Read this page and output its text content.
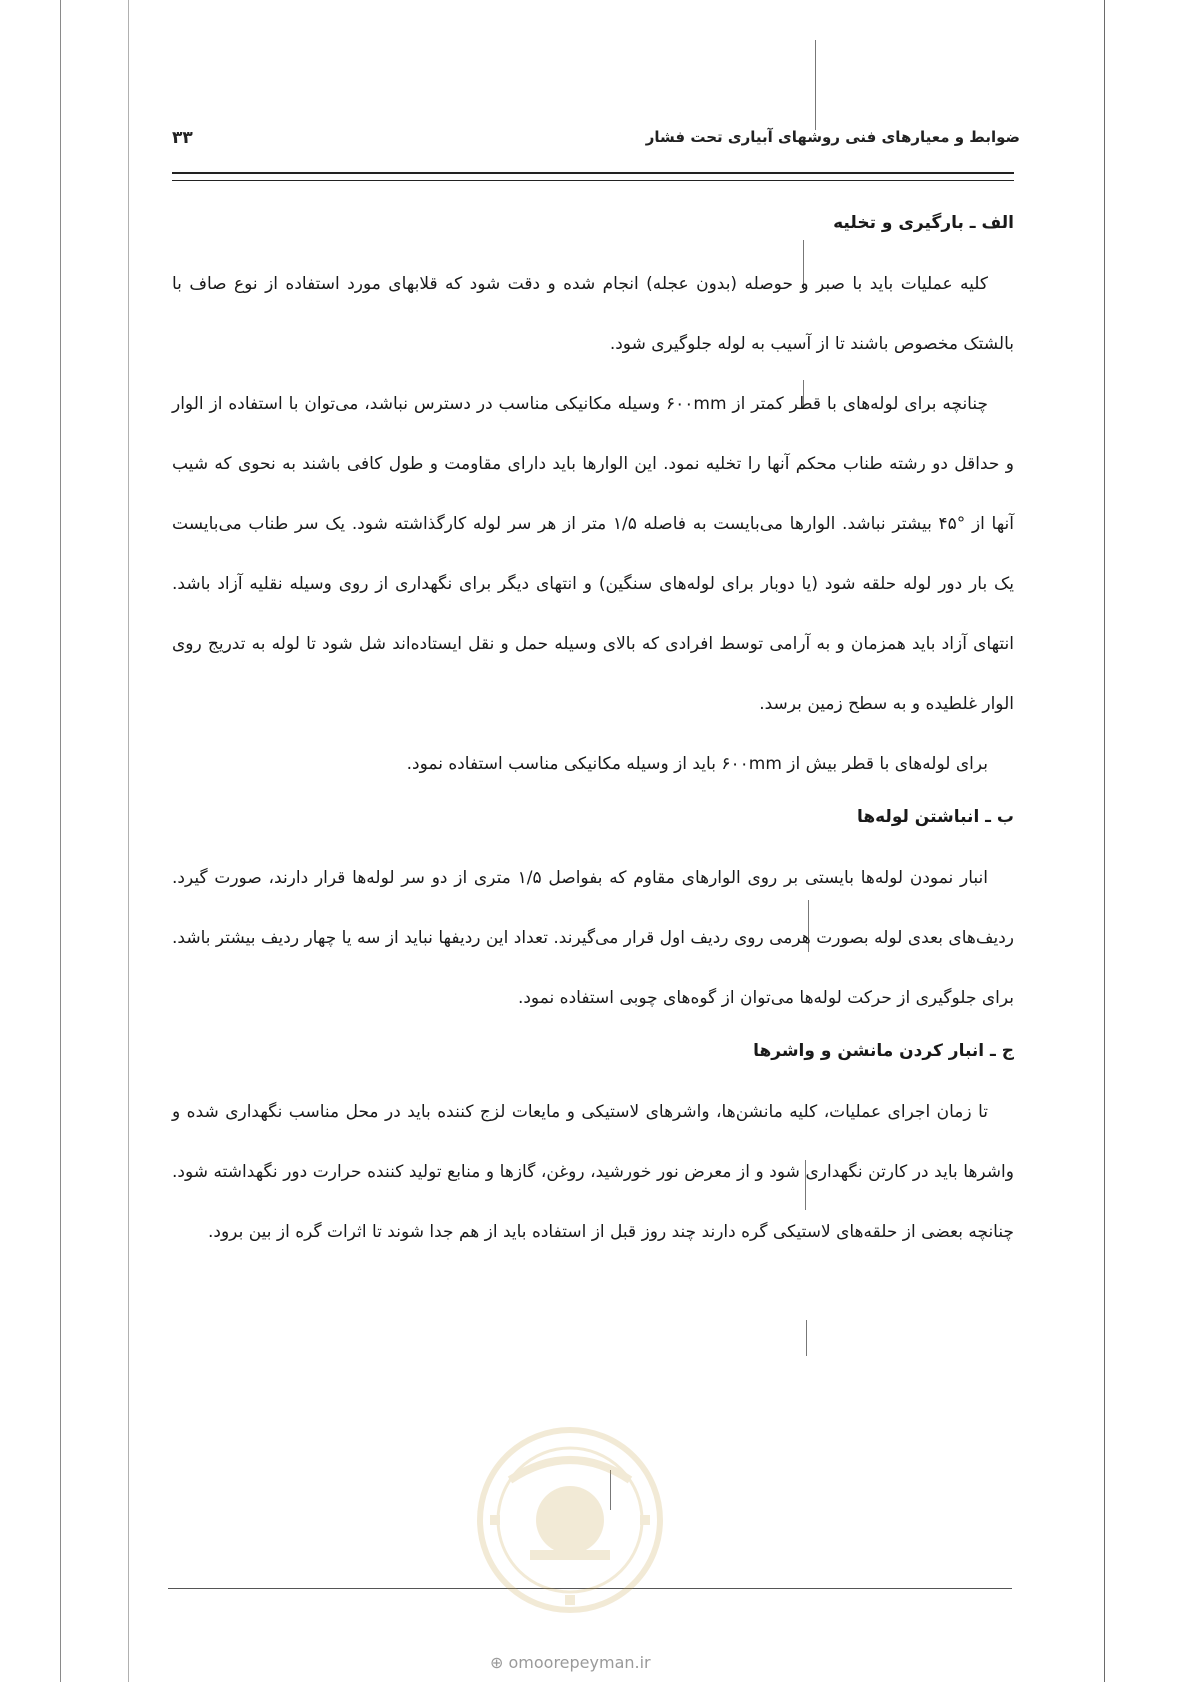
۳۳	ضوابط و معیارهای فنی روشهای آبیاری تحت فشار
الف ـ بارگیری و تخلیه

کلیه عملیات باید با صبر و حوصله (بدون عجله) انجام شده و دقت شود که قلابهای مورد استفاده از نوع صاف با بالشتک مخصوص باشند تا از آسیب به لوله جلوگیری شود.

چنانچه برای لوله‌های با قطر کمتر از ۶۰۰mm وسیله مکانیکی مناسب در دسترس نباشد، می‌توان با استفاده از الوار و حداقل دو رشته طناب محکم آنها را تخلیه نمود. این الوارها باید دارای مقاومت و طول کافی باشند به نحوی که شیب آنها از °۴۵ بیشتر نباشد. الوارها می‌بایست به فاصله ۱/۵ متر از هر سر لوله کارگذاشته شود. یک سر طناب می‌بایست یک بار دور لوله حلقه شود (یا دوبار برای لوله‌های سنگین) و انتهای دیگر برای نگهداری از روی وسیله نقلیه آزاد باشد. انتهای آزاد باید همزمان و به آرامی توسط افرادی که بالای وسیله حمل و نقل ایستاده‌اند شل شود تا لوله به تدریج روی الوار غلطیده و به سطح زمین برسد.

برای لوله‌های با قطر بیش از ۶۰۰mm باید از وسیله مکانیکی مناسب استفاده نمود.

ب ـ انباشتن لوله‌ها

انبار نمودن لوله‌ها بایستی بر روی الوارهای مقاوم که بفواصل ۱/۵ متری از دو سر لوله‌ها قرار دارند، صورت گیرد. ردیف‌های بعدی لوله بصورت هرمی روی ردیف اول قرار می‌گیرند. تعداد این ردیفها نباید از سه یا چهار ردیف بیشتر باشد. برای جلوگیری از حرکت لوله‌ها می‌توان از گوه‌های چوبی استفاده نمود.

ج ـ انبار کردن مانشن و واشرها

تا زمان اجرای عملیات، کلیه مانشن‌ها، واشرهای لاستیکی و مایعات لزج کننده باید در محل مناسب نگهداری شده و واشرها باید در کارتن نگهداری شود و از معرض نور خورشید، روغن، گازها و منابع تولید کننده حرارت دور نگهداشته شود. چنانچه بعضی از حلقه‌های لاستیکی گره دارند چند روز قبل از استفاده باید از هم جدا شوند تا اثرات گره از بین برود.

⊕ omoorepeyman.ir
